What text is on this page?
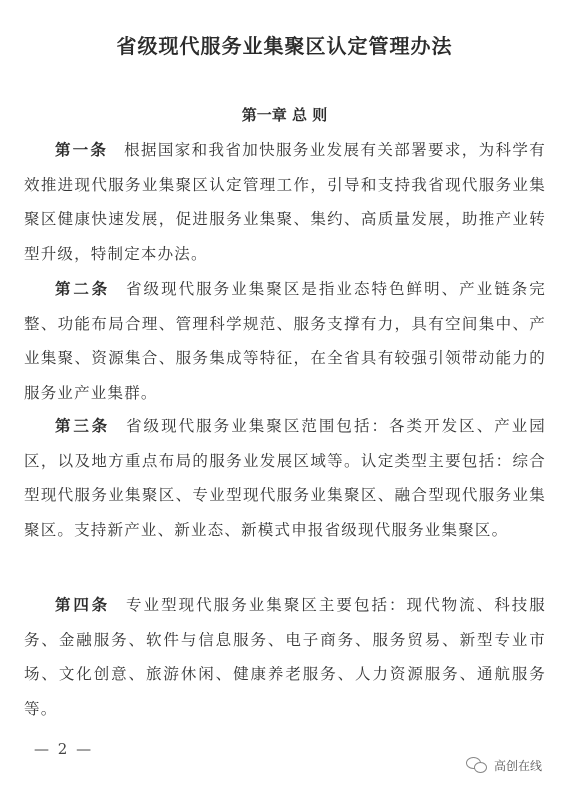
省级现代服务业集聚区认定管理办法
第一章 总 则

第一条 根据国家和我省加快服务业发展有关部署要求，为科学有效推进现代服务业集聚区认定管理工作，引导和支持我省现代服务业集聚区健康快速发展，促进服务业集聚、集约、高质量发展，助推产业转型升级，特制定本办法。

第二条 省级现代服务业集聚区是指业态特色鲜明、产业链条完整、功能布局合理、管理科学规范、服务支撑有力，具有空间集中、产业集聚、资源集合、服务集成等特征，在全省具有较强引领带动能力的服务业产业集群。

第三条 省级现代服务业集聚区范围包括：各类开发区、产业园区，以及地方重点布局的服务业发展区域等。认定类型主要包括：综合型现代服务业集聚区、专业型现代服务业集聚区、融合型现代服务业集聚区。支持新产业、新业态、新模式申报省级现代服务业集聚区。

第四条 专业型现代服务业集聚区主要包括：现代物流、科技服务、金融服务、软件与信息服务、电子商务、服务贸易、新型专业市场、文化创意、旅游休闲、健康养老服务、人力资源服务、通航服务等。

— 2 —
高创在线
